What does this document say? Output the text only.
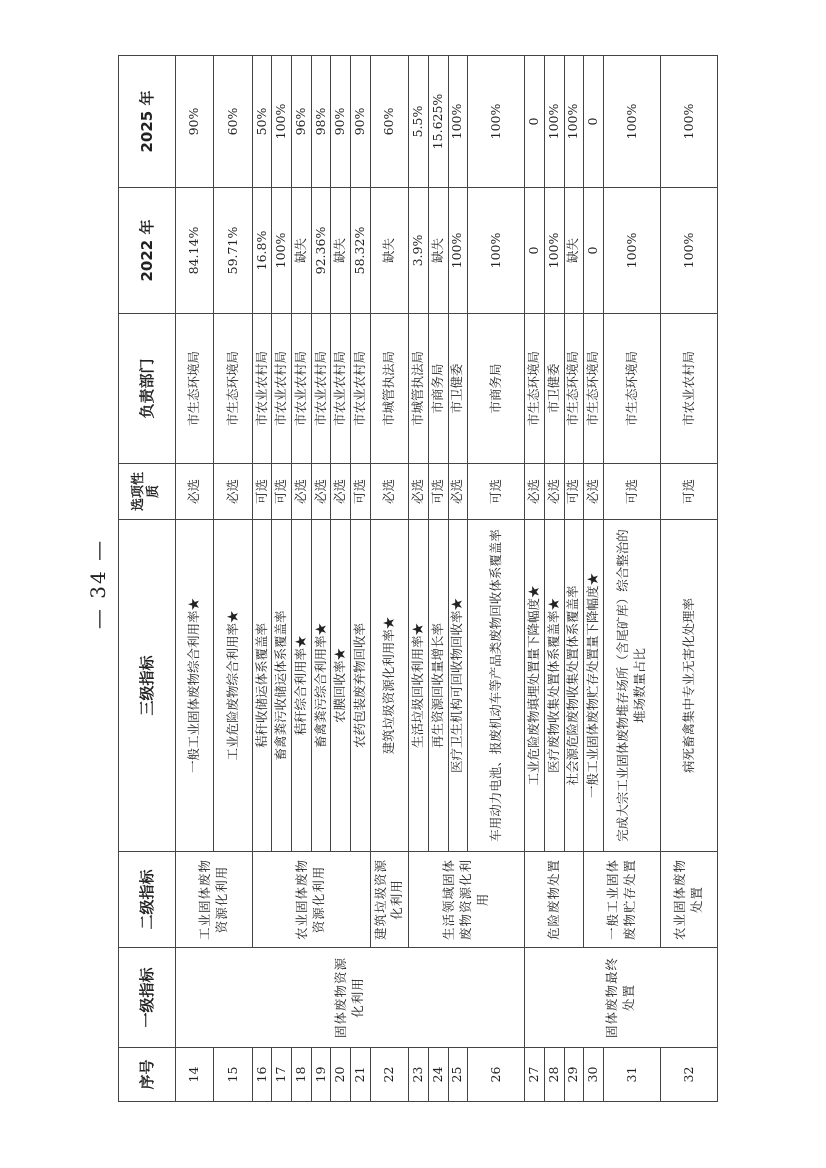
— 34 —
序号	一级指标	二级指标	三级指标	选项性质	负责部门	2022 年	2025 年
14	固体废物资源化利用	工业固体废物资源化利用	一般工业固体废物综合利用率★	必选	市生态环境局	84.14%	90%
15			工业危险废物综合利用率★	必选	市生态环境局	59.71%	60%
16		农业固体废物资源化利用	秸秆收储运体系覆盖率	可选	市农业农村局	16.8%	50%
17			畜禽粪污收储运体系覆盖率	可选	市农业农村局	100%	100%
18			秸秆综合利用率★	必选	市农业农村局	缺失	96%
19			畜禽粪污综合利用率★	必选	市农业农村局	92.36%	98%
20			农膜回收率★	必选	市农业农村局	缺失	90%
21			农药包装废弃物回收率	可选	市农业农村局	58.32%	90%
22		建筑垃圾资源化利用	建筑垃圾资源化利用率★	必选	市城管执法局	缺失	60%
23		生活领域固体废物资源化利用	生活垃圾回收利用率★	必选	市城管执法局	3.9%	5.5%
24			再生资源回收量增长率	可选	市商务局	缺失	15.625%
25			医疗卫生机构可回收物回收率★	必选	市卫健委	100%	100%
26			车用动力电池、报废机动车等产品类废物回收体系覆盖率	可选	市商务局	100%	100%
27	固体废物最终处置	危险废物处置	工业危险废物填埋处置量下降幅度★	必选	市生态环境局	0	0
28			医疗废物收集处置体系覆盖率★	必选	市卫健委	100%	100%
29			社会源危险废物收集处置体系覆盖率	可选	市生态环境局	缺失	100%
30		一般工业固体废物贮存处置	一般工业固体废物贮存处置量下降幅度★	必选	市生态环境局	0	0
31			完成大宗工业固体废物堆存场所（含尾矿库）综合整治的堆场数量占比	可选	市生态环境局	100%	100%
32		农业固体废物处置	病死畜禽集中专业无害化处理率	可选	市农业农村局	100%	100%
